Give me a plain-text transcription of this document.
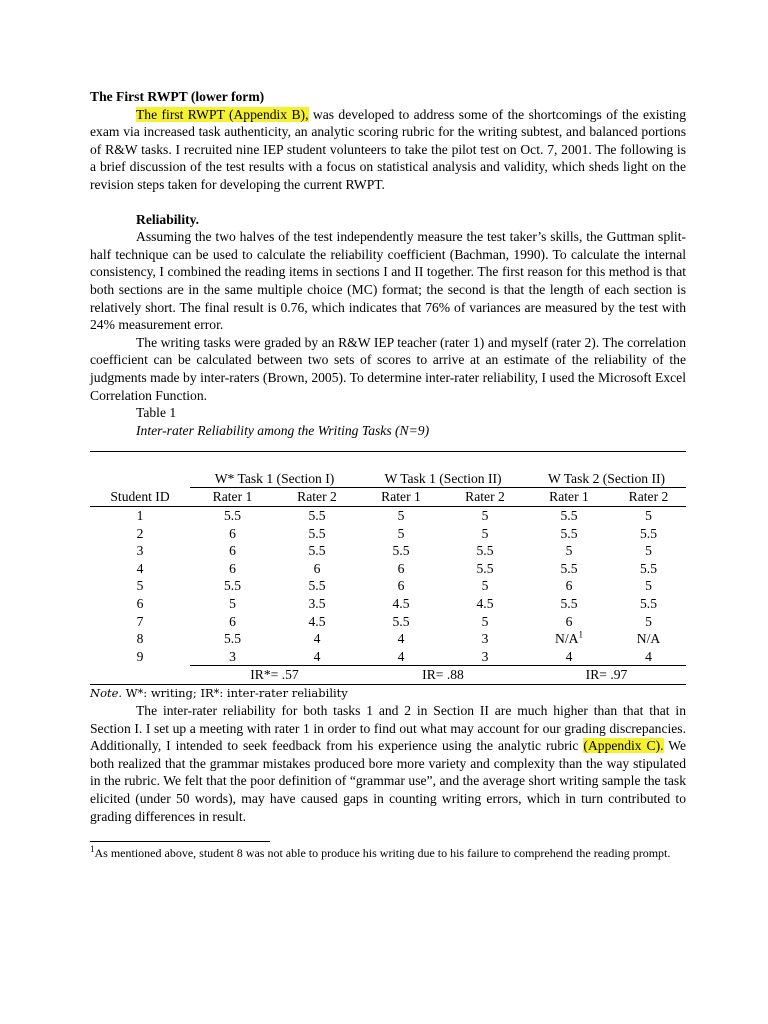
The First RWPT (lower form)

The first RWPT (Appendix B), was developed to address some of the shortcomings of the existing exam via increased task authenticity, an analytic scoring rubric for the writing subtest, and balanced portions of R&W tasks. I recruited nine IEP student volunteers to take the pilot test on Oct. 7, 2001. The following is a brief discussion of the test results with a focus on statistical analysis and validity, which sheds light on the revision steps taken for developing the current RWPT.

Reliability.

Assuming the two halves of the test independently measure the test taker’s skills, the Guttman split-half technique can be used to calculate the reliability coefficient (Bachman, 1990). To calculate the internal consistency, I combined the reading items in sections I and II together. The first reason for this method is that both sections are in the same multiple choice (MC) format; the second is that the length of each section is relatively short. The final result is 0.76, which indicates that 76% of variances are measured by the test with 24% measurement error.

The writing tasks were graded by an R&W IEP teacher (rater 1) and myself (rater 2). The correlation coefficient can be calculated between two sets of scores to arrive at an estimate of the reliability of the judgments made by inter-raters (Brown, 2005). To determine inter-rater reliability, I used the Microsoft Excel Correlation Function.

Table 1
Inter-rater Reliability among the Writing Tasks (N=9)

	W* Task 1 (Section I)		W Task 1 (Section II)		W Task 2 (Section II)	
Student ID	Rater 1	Rater 2	Rater 1	Rater 2	Rater 1	Rater 2
1	5.5	5.5	5	5	5.5	5
2	6	5.5	5	5	5.5	5.5
3	6	5.5	5.5	5.5	5	5
4	6	6	6	5.5	5.5	5.5
5	5.5	5.5	6	5	6	5
6	5	3.5	4.5	4.5	5.5	5.5
7	6	4.5	5.5	5	6	5
8	5.5	4	4	3	$N/A^1$	N/A
9	3	4	4	3	4	4
	IR*= .57		IR= .88		IR= .97	
Note. W*: writing; IR*: inter-rater reliability

The inter-rater reliability for both tasks 1 and 2 in Section II are much higher than that that in Section I. I set up a meeting with rater 1 in order to find out what may account for our grading discrepancies. Additionally, I intended to seek feedback from his experience using the analytic rubric (Appendix C). We both realized that the grammar mistakes produced bore more variety and complexity than the way stipulated in the rubric. We felt that the poor definition of “grammar use”, and the average short writing sample the task elicited (under 50 words), may have caused gaps in counting writing errors, which in turn contributed to grading differences in result.

$^1$As mentioned above, student 8 was not able to produce his writing due to his failure to comprehend the reading prompt.
